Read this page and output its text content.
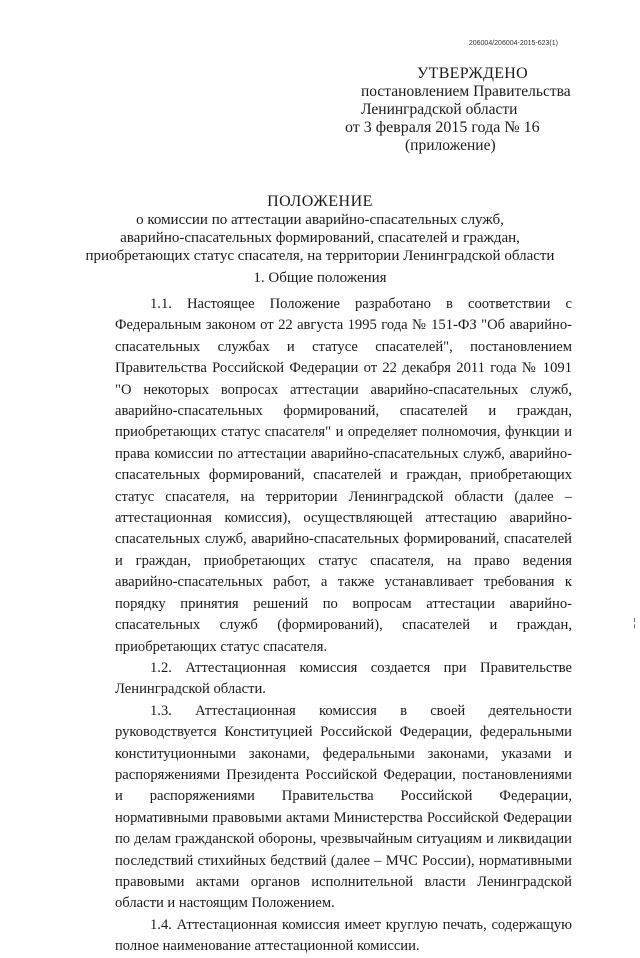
206004/206004-2015-623(1)
УТВЕРЖДЕНО
постановлением Правительства
Ленинградской области
от 3 февраля 2015 года № 16
(приложение)
ПОЛОЖЕНИЕ
о комиссии по аттестации аварийно-спасательных служб,
аварийно-спасательных формирований, спасателей и граждан,
приобретающих статус спасателя, на территории Ленинградской области
1. Общие положения

1.1. Настоящее Положение разработано в соответствии с Федеральным законом от 22 августа 1995 года № 151-ФЗ "Об аварийно-спасательных службах и статусе спасателей", постановлением Правительства Российской Федерации от 22 декабря 2011 года № 1091 "О некоторых вопросах аттестации аварийно-спасательных служб, аварийно-спасательных формирований, спасателей и граждан, приобретающих статус спасателя" и определяет полномочия, функции и права комиссии по аттестации аварийно-спасательных служб, аварийно-спасательных формирований, спасателей и граждан, приобретающих статус спасателя, на территории Ленинградской области (далее – аттестационная комиссия), осуществляющей аттестацию аварийно-спасательных служб, аварийно-спасательных формирований, спасателей и граждан, приобретающих статус спасателя, на право ведения аварийно-спасательных работ, а также устанавливает требования к порядку принятия решений по вопросам аттестации аварийно-спасательных служб (формирований), спасателей и граждан, приобретающих статус спасателя.

1.2. Аттестационная комиссия создается при Правительстве Ленинградской области.

1.3. Аттестационная комиссия в своей деятельности руководствуется Конституцией Российской Федерации, федеральными конституционными законами, федеральными законами, указами и распоряжениями Президента Российской Федерации, постановлениями и распоряжениями Правительства Российской Федерации, нормативными правовыми актами Министерства Российской Федерации по делам гражданской обороны, чрезвычайным ситуациям и ликвидации последствий стихийных бедствий (далее – МЧС России), нормативными правовыми актами органов исполнительной власти Ленинградской области и настоящим Положением.

1.4. Аттестационная комиссия имеет круглую печать, содержащую полное наименование аттестационной комиссии.

¦
